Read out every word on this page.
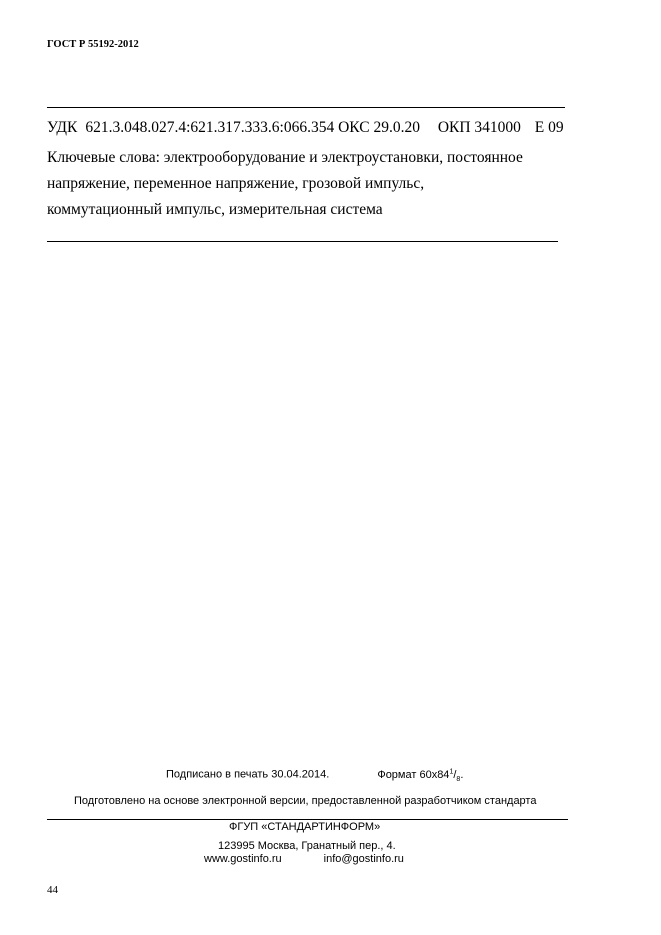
ГОСТ Р 55192-2012
УДК 621.3.048.027.4:621.317.333.6:066.354 ОКС 29.0.20 ОКП 341000 Е 09
Ключевые слова: электрооборудование и электроустановки, постоянное
напряжение, переменное напряжение, грозовой импульс,
коммутационный импульс, измерительная система
Подписано в печать 30.04.2014.	Формат $60x84^1/_8$.
Подготовлено на основе электронной версии, предоставленной разработчиком стандарта
ФГУП «СТАНДАРТИНФОРМ»
123995 Москва, Гранатный пер., 4.
www.gostinfo.ru	info@gostinfo.ru
44
